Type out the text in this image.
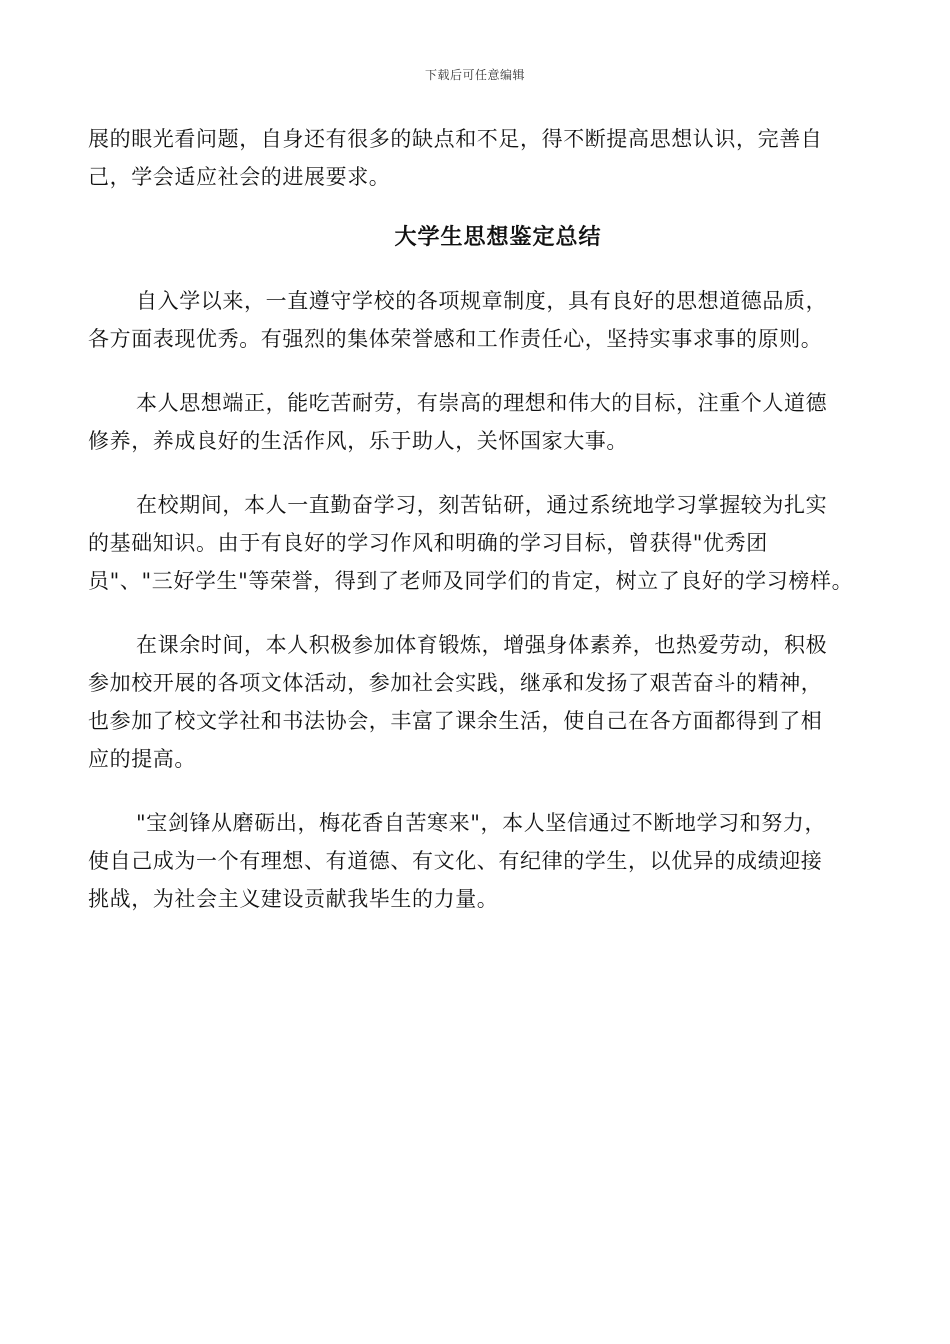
下载后可任意编辑
展的眼光看问题，自身还有很多的缺点和不足，得不断提高思想认识，完善自
己，学会适应社会的进展要求。
大学生思想鉴定总结
自入学以来，一直遵守学校的各项规章制度，具有良好的思想道德品质，
各方面表现优秀。有强烈的集体荣誉感和工作责任心，坚持实事求事的原则。
本人思想端正，能吃苦耐劳，有崇高的理想和伟大的目标，注重个人道德
修养，养成良好的生活作风，乐于助人，关怀国家大事。
在校期间，本人一直勤奋学习，刻苦钻研，通过系统地学习掌握较为扎实
的基础知识。由于有良好的学习作风和明确的学习目标，曾获得"优秀团
员"、"三好学生"等荣誉，得到了老师及同学们的肯定，树立了良好的学习榜样。
在课余时间，本人积极参加体育锻炼，增强身体素养，也热爱劳动，积极
参加校开展的各项文体活动，参加社会实践，继承和发扬了艰苦奋斗的精神，
也参加了校文学社和书法协会，丰富了课余生活，使自己在各方面都得到了相
应的提高。
"宝剑锋从磨砺出，梅花香自苦寒来"，本人坚信通过不断地学习和努力，
使自己成为一个有理想、有道德、有文化、有纪律的学生，以优异的成绩迎接
挑战，为社会主义建设贡献我毕生的力量。
